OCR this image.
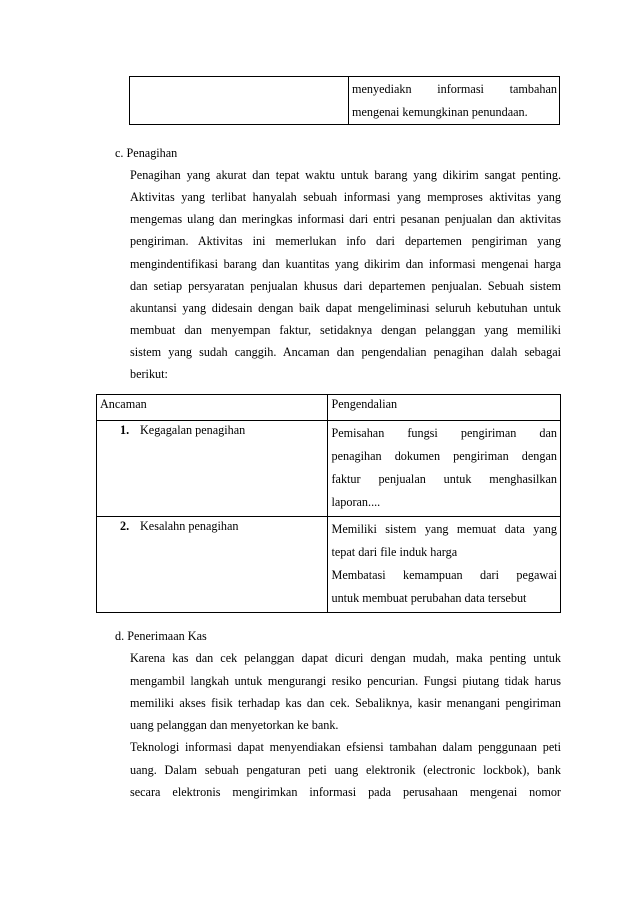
menyediakn informasi tambahan
mengenai kemungkinan penundaan.
c. Penagihan
Penagihan yang akurat dan tepat waktu untuk barang yang dikirim sangat penting.
Aktivitas yang terlibat hanyalah sebuah informasi yang memproses aktivitas yang
mengemas ulang dan meringkas informasi dari entri pesanan penjualan dan aktivitas
pengiriman. Aktivitas ini memerlukan info dari departemen pengiriman yang
mengindentifikasi barang dan kuantitas yang dikirim dan informasi mengenai harga
dan setiap persyaratan penjualan khusus dari departemen penjualan. Sebuah sistem
akuntansi yang didesain dengan baik dapat mengeliminasi seluruh kebutuhan untuk
membuat dan menyempan faktur, setidaknya dengan pelanggan yang memiliki
sistem yang sudah canggih. Ancaman dan pengendalian penagihan dalah sebagai
berikut:
Ancaman	Pengendalian
1. Kegagalan penagihan	Pemisahan fungsi pengiriman dan
penagihan dokumen pengiriman dengan
faktur penjualan untuk menghasilkan
laporan....

2. Kesalahn penagihan	Memiliki sistem yang memuat data yang
tepat dari file induk harga
Membatasi kemampuan dari pegawai
untuk membuat perubahan data tersebut
d. Penerimaan Kas
Karena kas dan cek pelanggan dapat dicuri dengan mudah, maka penting untuk
mengambil langkah untuk mengurangi resiko pencurian. Fungsi piutang tidak harus
memiliki akses fisik terhadap kas dan cek. Sebaliknya, kasir menangani pengiriman
uang pelanggan dan menyetorkan ke bank.
Teknologi informasi dapat menyendiakan efsiensi tambahan dalam penggunaan peti
uang. Dalam sebuah pengaturan peti uang elektronik (electronic lockbok), bank
secara elektronis mengirimkan informasi pada perusahaan mengenai nomor
